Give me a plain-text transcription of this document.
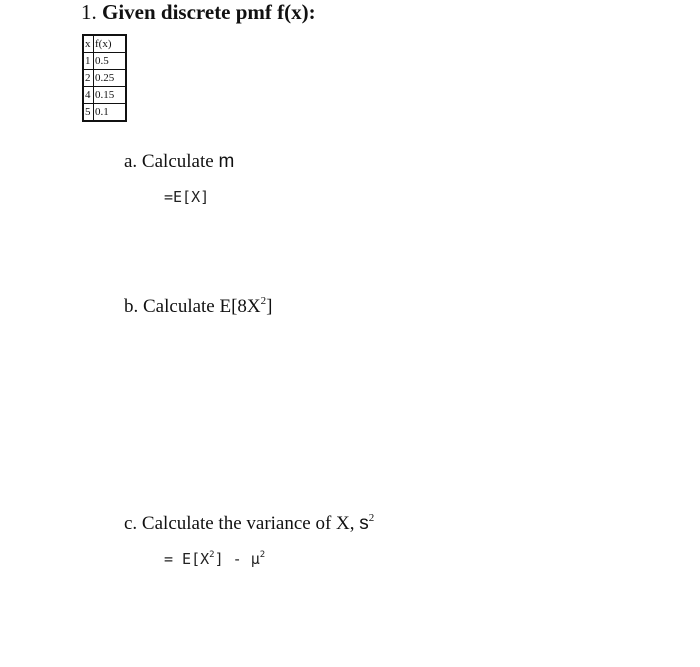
1. Given discrete pmf f(x):
x	f(x)
1	0.5
2	0.25
4	0.15
5	0.1
a. Calculate m
=E[X]
b. Calculate $E[8X^2]$
c. Calculate the variance of X, $s^2$
= $E[X^2] - \mu^2$
